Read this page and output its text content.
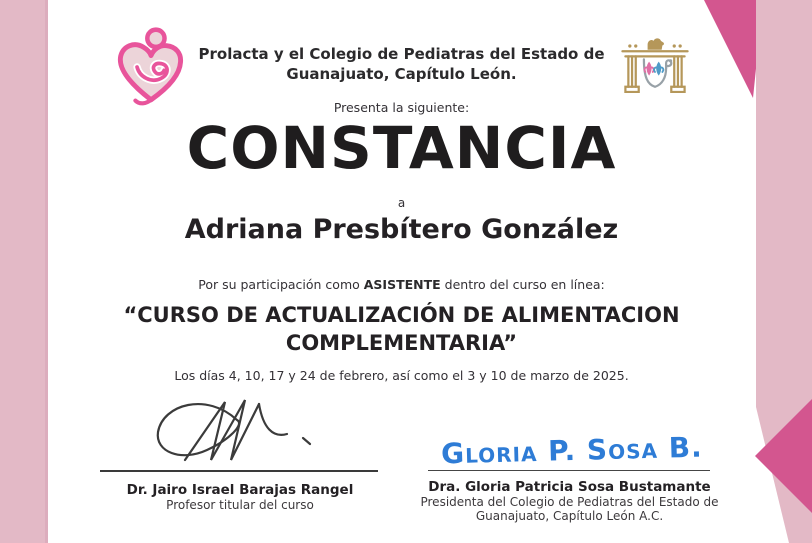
Prolacta y el Colegio de Pediatras del Estado de
Guanajuato, Capítulo León.
Presenta la siguiente:
CONSTANCIA
a
Adriana Presbítero González
Por su participación como ASISTENTE dentro del curso en línea:
“CURSO DE ACTUALIZACIÓN DE ALIMENTACION
COMPLEMENTARIA”
Los días 4, 10, 17 y 24 de febrero, así como el 3 y 10 de marzo de 2025.
Dr. Jairo Israel Barajas Rangel
Profesor titular del curso
Gloria P. Sosa B.
Dra. Gloria Patricia Sosa Bustamante
Presidenta del Colegio de Pediatras del Estado de
Guanajuato, Capítulo León A.C.
